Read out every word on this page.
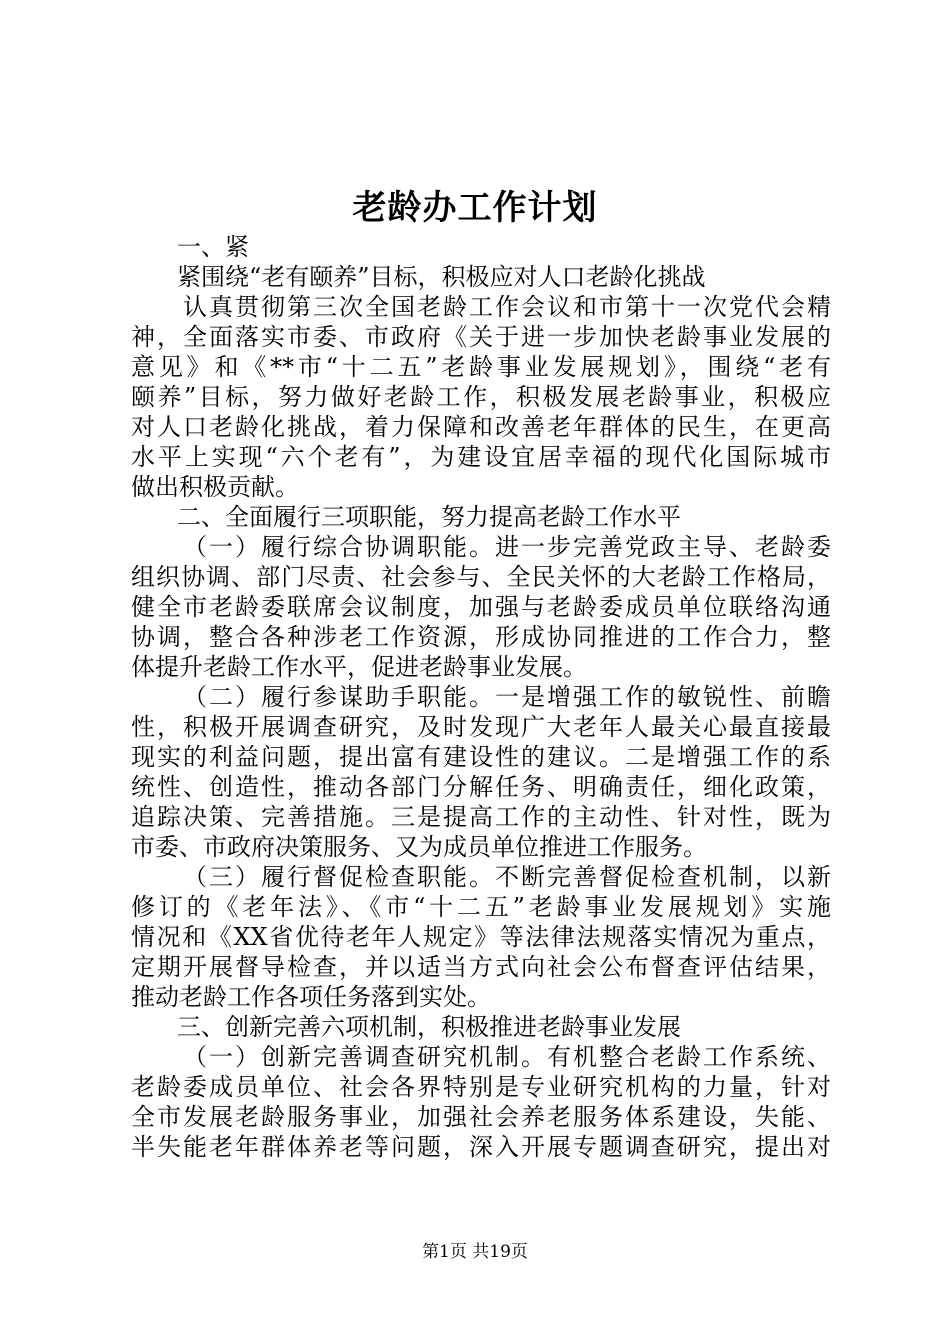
老龄办工作计划
一、紧
紧围绕“老有颐养”目标，积极应对人口老龄化挑战
认真贯彻第三次全国老龄工作会议和市第十一次党代会精
神，全面落实市委、市政府《关于进一步加快老龄事业发展的
意见》和《**市“十二五”老龄事业发展规划》，围绕“老有
颐养”目标，努力做好老龄工作，积极发展老龄事业，积极应
对人口老龄化挑战，着力保障和改善老年群体的民生，在更高
水平上实现“六个老有”，为建设宜居幸福的现代化国际城市
做出积极贡献。
二、全面履行三项职能，努力提高老龄工作水平
（一）履行综合协调职能。进一步完善党政主导、老龄委
组织协调、部门尽责、社会参与、全民关怀的大老龄工作格局，
健全市老龄委联席会议制度，加强与老龄委成员单位联络沟通
协调，整合各种涉老工作资源，形成协同推进的工作合力，整
体提升老龄工作水平，促进老龄事业发展。
（二）履行参谋助手职能。一是增强工作的敏锐性、前瞻
性，积极开展调查研究，及时发现广大老年人最关心最直接最
现实的利益问题，提出富有建设性的建议。二是增强工作的系
统性、创造性，推动各部门分解任务、明确责任，细化政策，
追踪决策、完善措施。三是提高工作的主动性、针对性，既为
市委、市政府决策服务、又为成员单位推进工作服务。
（三）履行督促检查职能。不断完善督促检查机制，以新
修订的《老年法》、《市“十二五”老龄事业发展规划》实施
情况和《XX省优待老年人规定》等法律法规落实情况为重点，
定期开展督导检查，并以适当方式向社会公布督查评估结果，
推动老龄工作各项任务落到实处。
三、创新完善六项机制，积极推进老龄事业发展
（一）创新完善调查研究机制。有机整合老龄工作系统、
老龄委成员单位、社会各界特别是专业研究机构的力量，针对
全市发展老龄服务事业，加强社会养老服务体系建设，失能、
半失能老年群体养老等问题，深入开展专题调查研究，提出对
第1页 共19页
